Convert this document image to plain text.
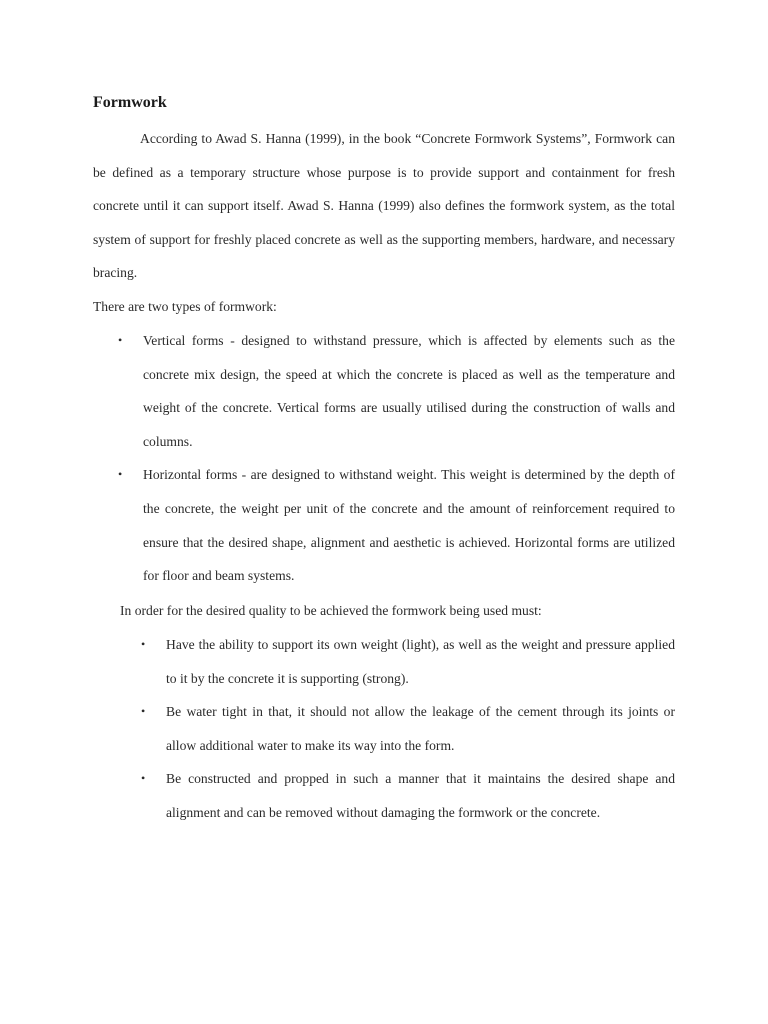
Formwork

According to Awad S. Hanna (1999), in the book “Concrete Formwork Systems”, Formwork can be defined as a temporary structure whose purpose is to provide support and containment for fresh concrete until it can support itself. Awad S. Hanna (1999) also defines the formwork system, as the total system of support for freshly placed concrete as well as the supporting members, hardware, and necessary bracing.

There are two types of formwork:

• Vertical forms - designed to withstand pressure, which is affected by elements such as the concrete mix design, the speed at which the concrete is placed as well as the temperature and weight of the concrete. Vertical forms are usually utilised during the construction of walls and columns.
• Horizontal forms - are designed to withstand weight. This weight is determined by the depth of the concrete, the weight per unit of the concrete and the amount of reinforcement required to ensure that the desired shape, alignment and aesthetic is achieved. Horizontal forms are utilized for floor and beam systems.

In order for the desired quality to be achieved the formwork being used must:

• Have the ability to support its own weight (light), as well as the weight and pressure applied to it by the concrete it is supporting (strong).
• Be water tight in that, it should not allow the leakage of the cement through its joints or allow additional water to make its way into the form.
• Be constructed and propped in such a manner that it maintains the desired shape and alignment and can be removed without damaging the formwork or the concrete.
